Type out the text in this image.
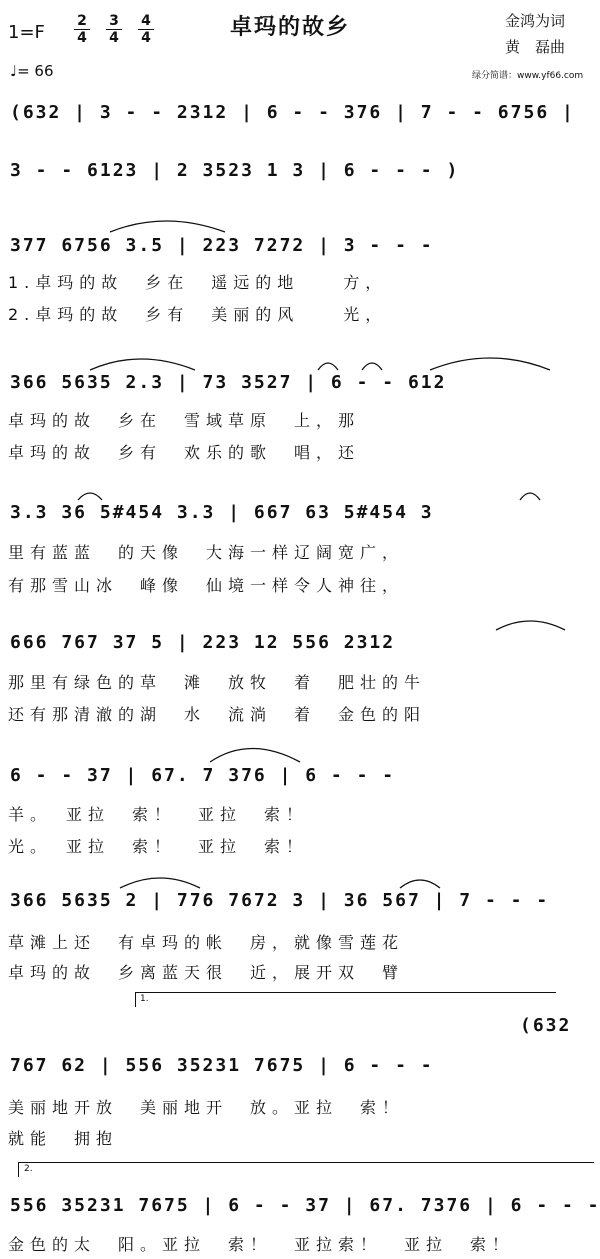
1=F
2
4
3
4
4
4
♩= 66
卓玛的故乡	金鸿为词
黄　磊曲
绿分简谱：www.yf66.com
(632 | 3 - - 2312 | 6 - - 376 | 7 - - 6756 |
3 - - 6123 | 2 3523 1 3 | 6 - - - )
377 6756 3.5 | 223 7272 | 3 - - -
1.卓玛的故　乡在　遥远的地　　方，
2.卓玛的故　乡有　美丽的风　　光，
366 5635 2.3 | 73 3527 | 6 - - 612
卓玛的故　乡在　雪域草原　上，那
卓玛的故　乡有　欢乐的歌　唱，还
3.3 36 5#454 3.3 | 667 63 5#454 3
里有蓝蓝　的天像　大海一样辽阔宽广，
有那雪山冰　峰像　仙境一样令人神往，
666 767 37 5 | 223 12 556 2312
那里有绿色的草　滩　放牧　着　肥壮的牛
还有那清澈的湖　水　流淌　着　金色的阳
6 - - 37 | 67. 7 376 | 6 - - -
羊。　亚拉　索！　亚拉　索！
光。　亚拉　索！　亚拉　索！
366 5635 2 | 776 7672 3 | 36 567 | 7 - - -
草滩上还　有卓玛的帐　房，就像雪莲花
卓玛的故　乡离蓝天很　近，展开双　臂
1.
(632
767 62 | 556 35231 7675 | 6 - - -
美丽地开放　美丽地开　放。亚拉　索！
就能　拥抱
2.
556 35231 7675 | 6 - - 37 | 67. 7376 | 6 - - -
金色的太　阳。亚拉　索！　亚拉索！　亚拉　索！
